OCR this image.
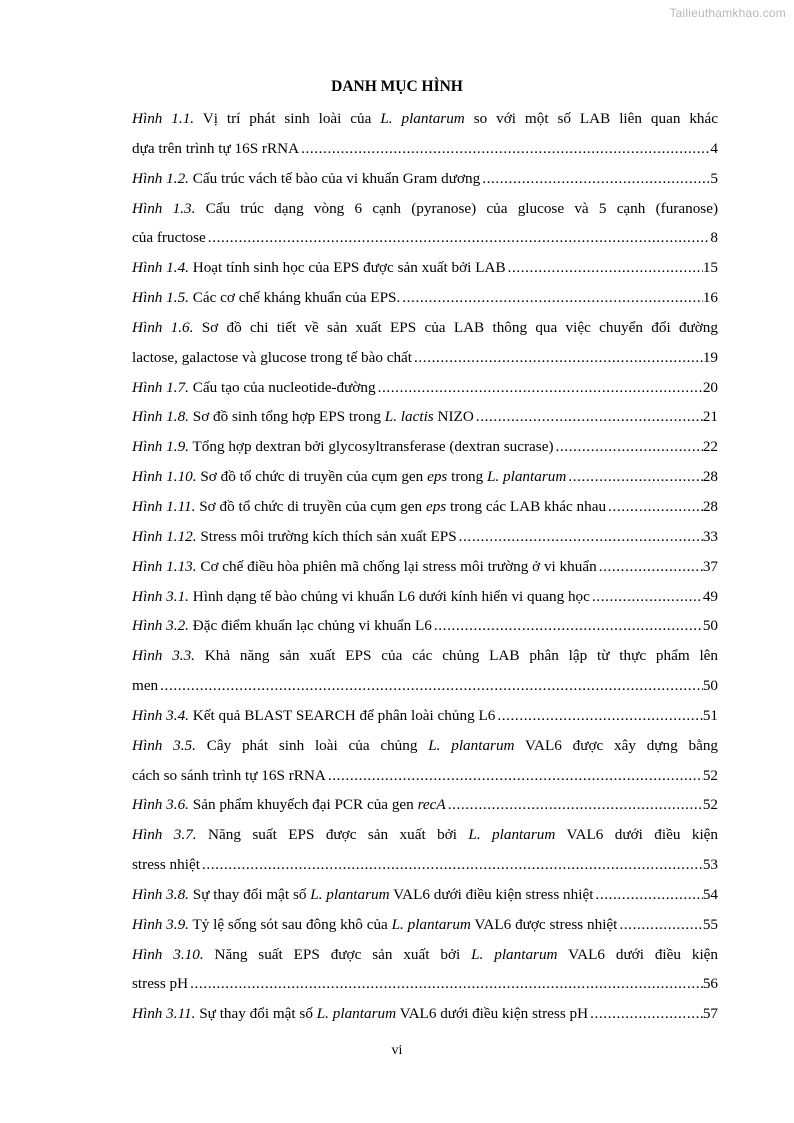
Tailieuthamkhao.com
DANH MỤC HÌNH
Hình 1.1. Vị trí phát sinh loài của L. plantarum so với một số LAB liên quan khác
dựa trên trình tự 16S rRNA .....	4
Hình 1.2. Cấu trúc vách tế bào của vi khuẩn Gram dương .....	5
Hình 1.3. Cấu trúc dạng vòng 6 cạnh (pyranose) của glucose và 5 cạnh (furanose)
của fructose .....	8
Hình 1.4. Hoạt tính sinh học của EPS được sản xuất bởi LAB .....	15
Hình 1.5. Các cơ chế kháng khuẩn của EPS. .....	16
Hình 1.6. Sơ đồ chi tiết về sản xuất EPS của LAB thông qua việc chuyển đổi đường
lactose, galactose và glucose trong tế bào chất .....	19
Hình 1.7. Cấu tạo của nucleotide-đường .....	20
Hình 1.8. Sơ đồ sinh tổng hợp EPS trong L. lactis NIZO .....	21
Hình 1.9. Tổng hợp dextran bởi glycosyltransferase (dextran sucrase) .....	22
Hình 1.10. Sơ đồ tổ chức di truyền của cụm gen eps trong L. plantarum .....	28
Hình 1.11. Sơ đồ tổ chức di truyền của cụm gen eps trong các LAB khác nhau .....	28
Hình 1.12. Stress môi trường kích thích sản xuất EPS .....	33
Hình 1.13. Cơ chế điều hòa phiên mã chống lại stress môi trường ở vi khuẩn .....	37
Hình 3.1. Hình dạng tế bào chủng vi khuẩn L6 dưới kính hiển vi quang học .....	49
Hình 3.2. Đặc điểm khuẩn lạc chủng vi khuẩn L6 .....	50
Hình 3.3. Khả năng sản xuất EPS của các chủng LAB phân lập từ thực phẩm lên
men .....	50
Hình 3.4. Kết quả BLAST SEARCH để phân loài chủng L6 .....	51
Hình 3.5. Cây phát sinh loài của chủng L. plantarum VAL6 được xây dựng bằng
cách so sánh trình tự 16S rRNA .....	52
Hình 3.6. Sản phẩm khuyếch đại PCR của gen recA .....	52
Hình 3.7. Năng suất EPS được sản xuất bởi L. plantarum VAL6 dưới điều kiện
stress nhiệt .....	53
Hình 3.8. Sự thay đổi mật số L. plantarum VAL6 dưới điều kiện stress nhiệt .....	54
Hình 3.9. Tỷ lệ sống sót sau đông khô của L. plantarum VAL6 được stress nhiệt .....	55
Hình 3.10. Năng suất EPS được sản xuất bởi L. plantarum VAL6 dưới điều kiện
stress pH .....	56
Hình 3.11. Sự thay đổi mật số L. plantarum VAL6 dưới điều kiện stress pH .....	57
vi
